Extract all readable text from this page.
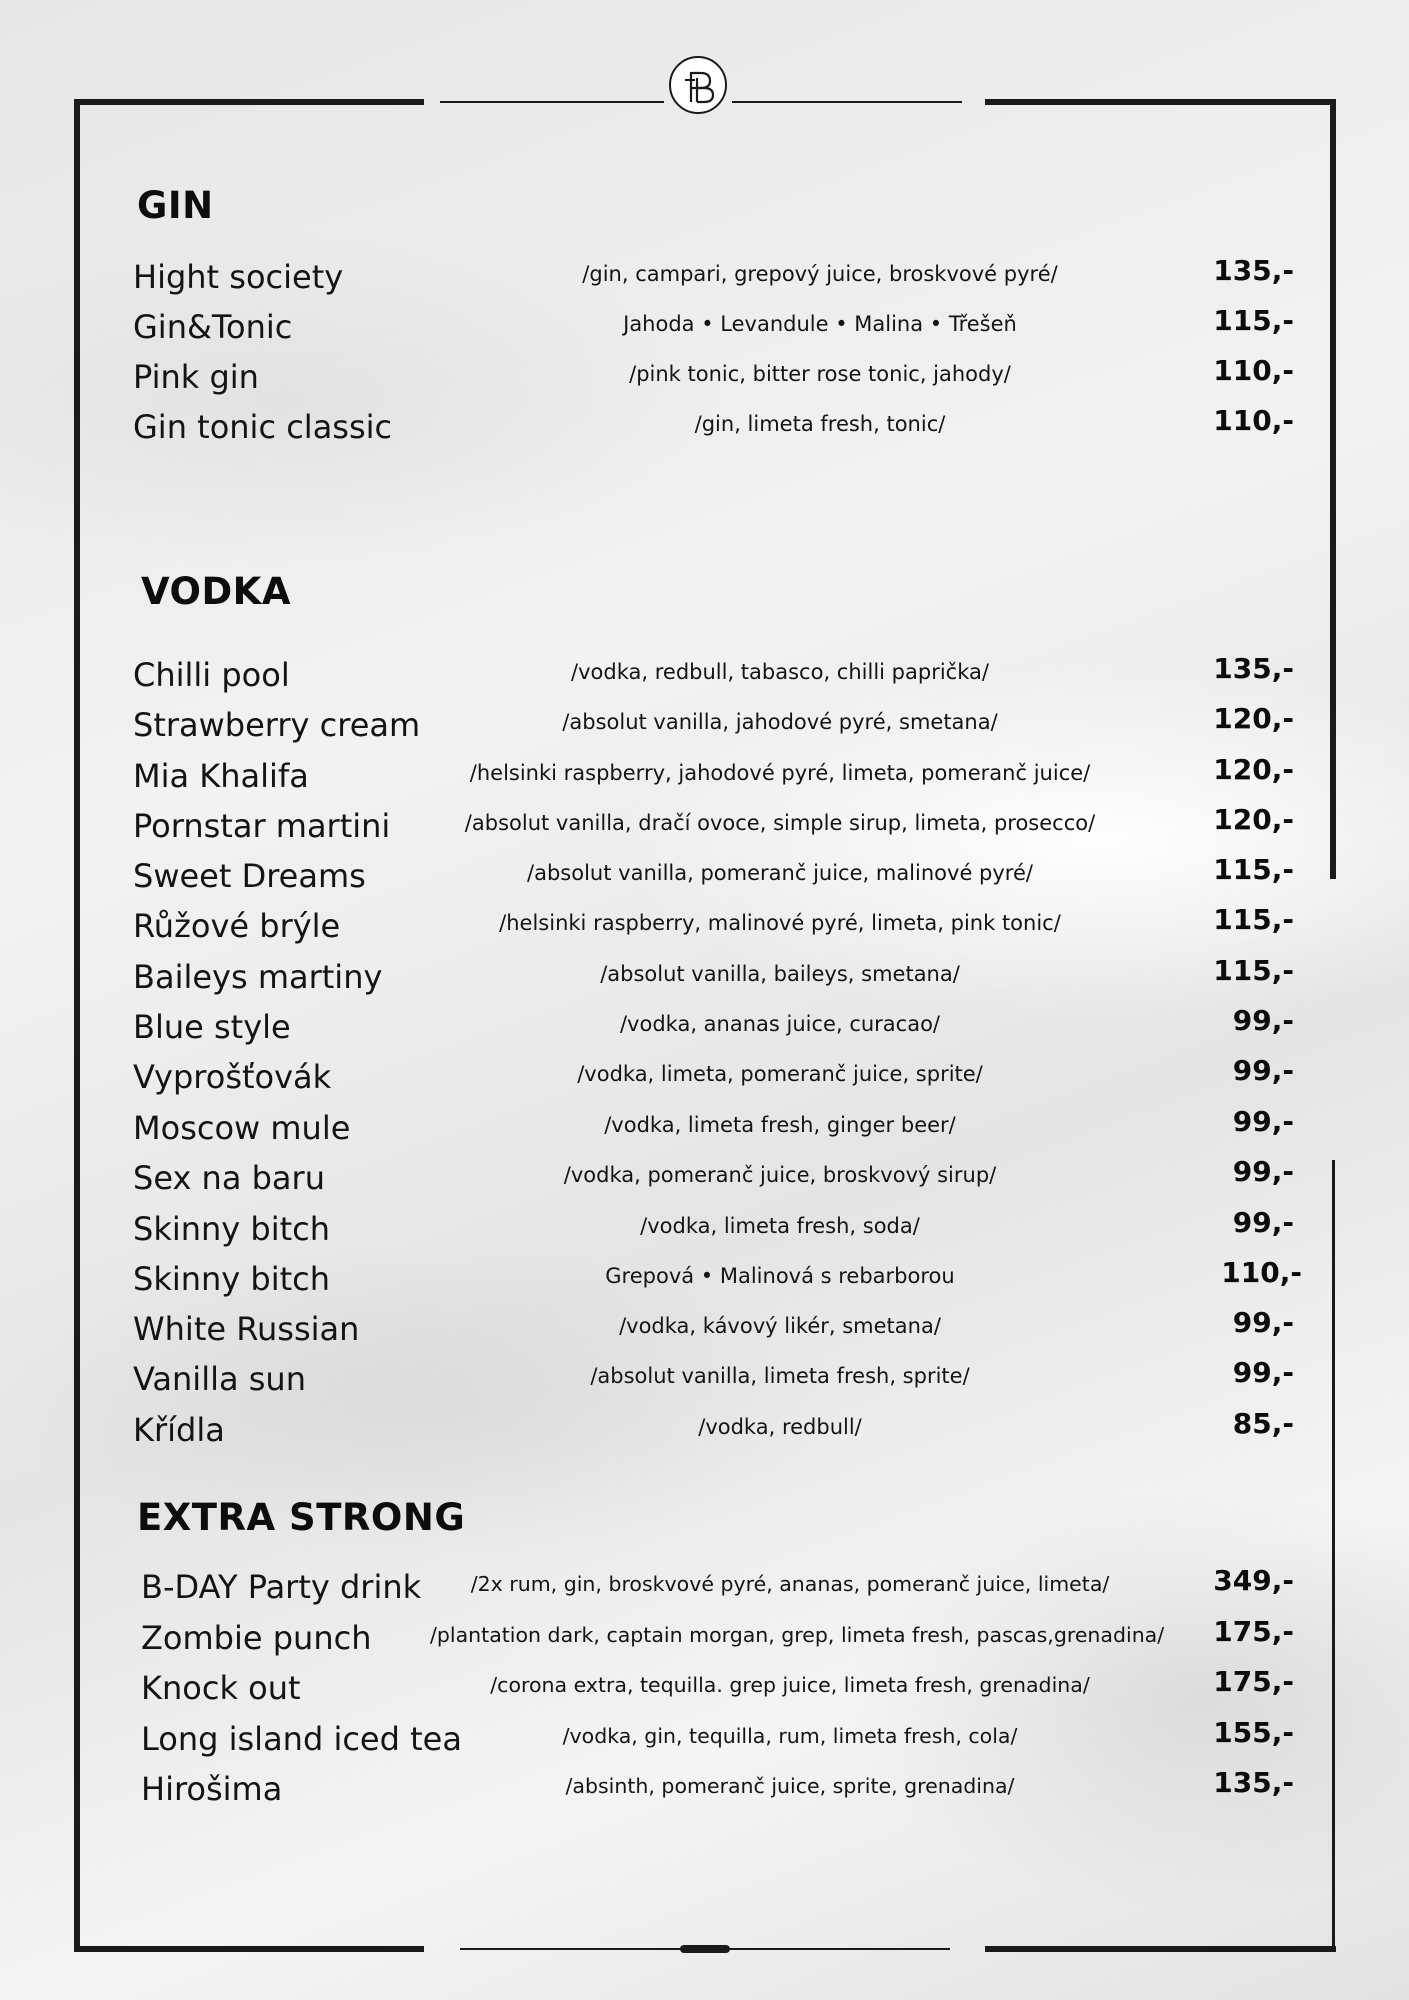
GIN
Hight society	/gin, campari, grepový juice, broskvové pyré/	135,-
Gin&Tonic	Jahoda • Levandule • Malina • Třešeň	115,-
Pink gin	/pink tonic, bitter rose tonic, jahody/	110,-
Gin tonic classic	/gin, limeta fresh, tonic/	110,-
VODKA
Chilli pool	/vodka, redbull, tabasco, chilli paprička/	135,-
Strawberry cream	/absolut vanilla, jahodové pyré, smetana/	120,-
Mia Khalifa	/helsinki raspberry, jahodové pyré, limeta, pomeranč juice/	120,-
Pornstar martini	/absolut vanilla, dračí ovoce, simple sirup, limeta, prosecco/	120,-
Sweet Dreams	/absolut vanilla, pomeranč juice, malinové pyré/	115,-
Růžové brýle	/helsinki raspberry, malinové pyré, limeta, pink tonic/	115,-
Baileys martiny	/absolut vanilla, baileys, smetana/	115,-
Blue style	/vodka, ananas juice, curacao/	99,-
Vyprošťovák	/vodka, limeta, pomeranč juice, sprite/	99,-
Moscow mule	/vodka, limeta fresh, ginger beer/	99,-
Sex na baru	/vodka, pomeranč juice, broskvový sirup/	99,-
Skinny bitch	/vodka, limeta fresh, soda/	99,-
Skinny bitch	Grepová • Malinová s rebarborou	110,-
White Russian	/vodka, kávový likér, smetana/	99,-
Vanilla sun	/absolut vanilla, limeta fresh, sprite/	99,-
Křídla	/vodka, redbull/	85,-
EXTRA STRONG
B-DAY Party drink	/2x rum, gin, broskvové pyré, ananas, pomeranč juice, limeta/	349,-
Zombie punch	/plantation dark, captain morgan, grep, limeta fresh, pascas,grenadina/ 175,-
Knock out	/corona extra, tequilla. grep juice, limeta fresh, grenadina/	175,-
Long island iced tea	/vodka, gin, tequilla, rum, limeta fresh, cola/	155,-
Hirošima	/absinth, pomeranč juice, sprite, grenadina/	135,-
